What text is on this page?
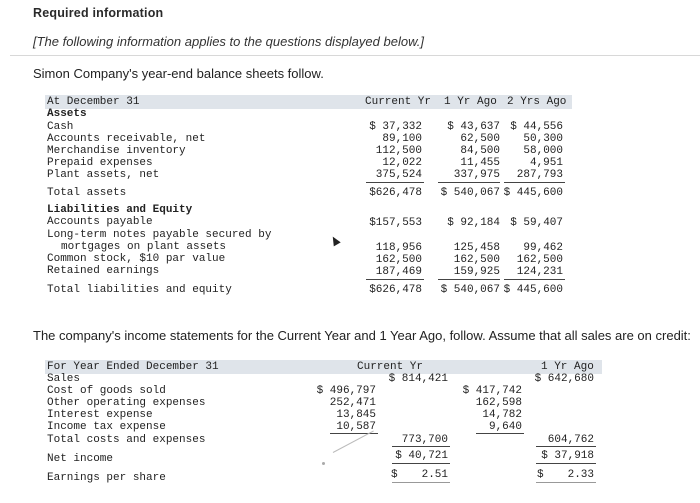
Required information
[The following information applies to the questions displayed below.]
Simon Company's year-end balance sheets follow.
At December 31	Current Yr 1 Yr Ago 2 Yrs Ago
Assets
Cash	$ 37,332	$ 43,637 $ 44,556
Accounts receivable, net	89,100	62,500	50,300
Merchandise inventory	112,500	84,500	58,000
Prepaid expenses	12,022	11,455	4,951
Plant assets, net	375,524	337,975	287,793
Total assets	$626,478	$ 540,067 $ 445,600
Liabilities and Equity
Accounts payable	$157,553	$ 92,184 $ 59,407
Long-term notes payable secured by
mortgages on plant assets	118,956	125,458	99,462
Common stock, $10 par value	162,500	162,500	162,500
Retained earnings	187,469	159,925	124,231
Total liabilities and equity	$626,478	$ 540,067 $ 445,600
The company's income statements for the Current Year and 1 Year Ago, follow. Assume that all sales are on credit:
For Year Ended December 31	Current Yr	1 Yr Ago
Sales	$ 814,421	$ 642,680
Cost of goods sold	$ 496,797	$ 417,742
Other operating expenses	252,471	162,598
Interest expense	13,845	14,782
Income tax expense	10,587	9,640
Total costs and expenses	773,700	604,762
Net income	$ 40,721	$ 37,918
Earnings per share	$	2.51	$	2.33
